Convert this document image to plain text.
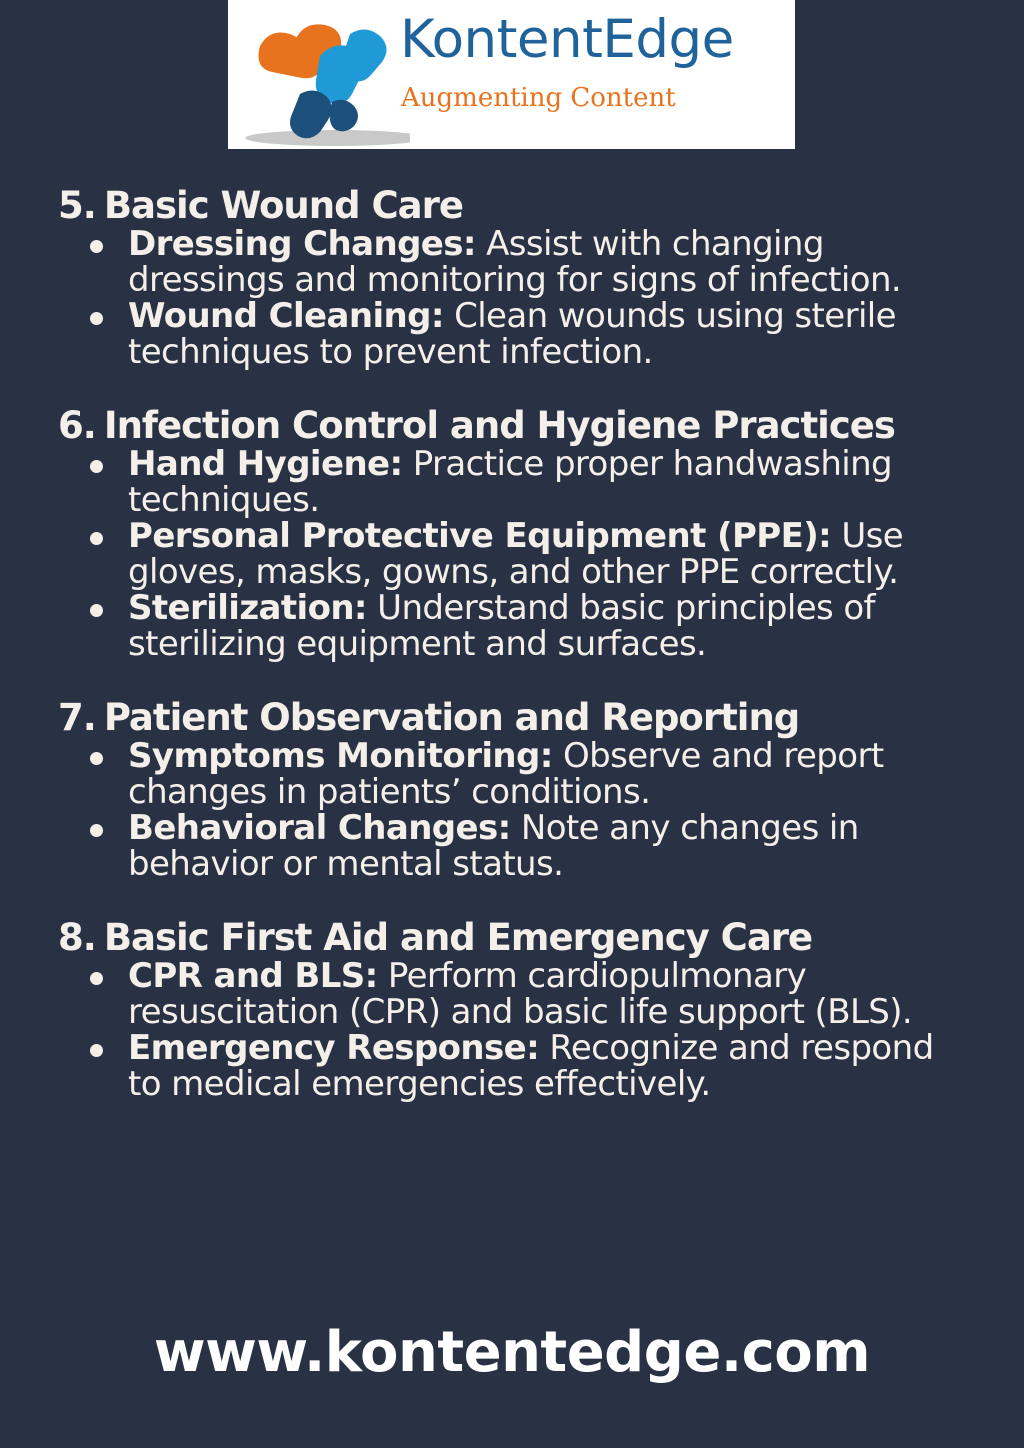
KontentEdge
Augmenting Content
5. Basic Wound Care
Dressing Changes: Assist with changing dressings and monitoring for signs of infection.
Wound Cleaning: Clean wounds using sterile techniques to prevent infection.
6. Infection Control and Hygiene Practices
Hand Hygiene: Practice proper handwashing techniques.
Personal Protective Equipment (PPE): Use gloves, masks, gowns, and other PPE correctly.
Sterilization: Understand basic principles of sterilizing equipment and surfaces.
7. Patient Observation and Reporting
Symptoms Monitoring: Observe and report changes in patients’ conditions.
Behavioral Changes: Note any changes in behavior or mental status.
8. Basic First Aid and Emergency Care
CPR and BLS: Perform cardiopulmonary resuscitation (CPR) and basic life support (BLS).
Emergency Response: Recognize and respond to medical emergencies effectively.
www.kontentedge.com
